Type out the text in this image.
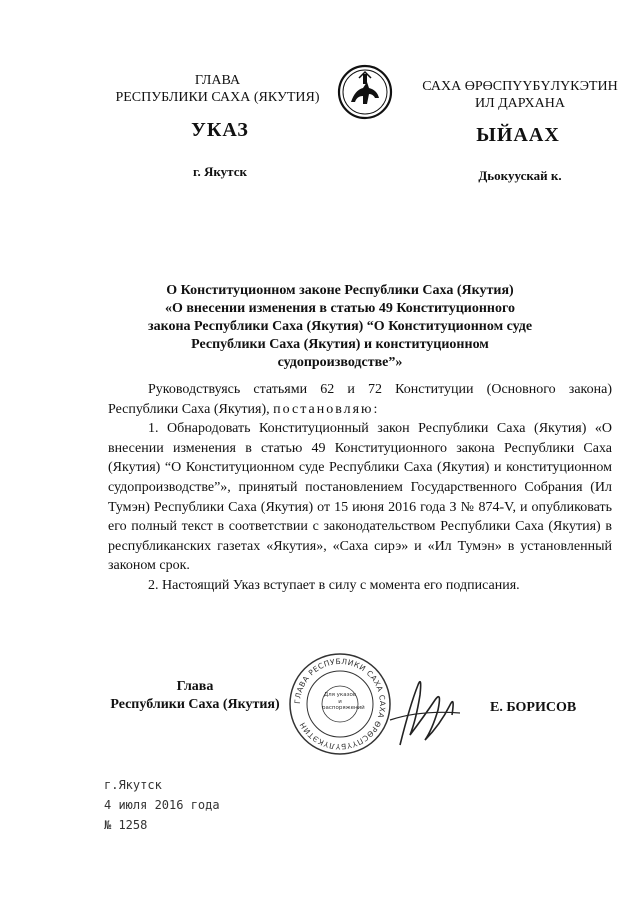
ГЛАВА
РЕСПУБЛИКИ САХА (ЯКУТИЯ)
САХА ӨРӨСПҮҮБҮЛҮКЭТИН
ИЛ ДАРХАНА
УКАЗ	ЫЙААХ
г. Якутск	Дьокуускай к.
О Конституционном законе Республики Саха (Якутия)
«О внесении изменения в статью 49 Конституционного
закона Республики Саха (Якутия) “О Конституционном суде
Республики Саха (Якутия) и конституционном
судопроизводстве”»

Руководствуясь статьями 62 и 72 Конституции (Основного закона) Республики Саха (Якутия), постановляю:

1. Обнародовать Конституционный закон Республики Саха (Якутия) «О внесении изменения в статью 49 Конституционного закона Республики Саха (Якутия) “О Конституционном суде Республики Саха (Якутия) и конституционном судопроизводстве”», принятый постановлением Государственного Собрания (Ил Тумэн) Республики Саха (Якутия) от 15 июня 2016 года З № 874-V, и опубликовать его полный текст в соответствии с законодательством Республики Саха (Якутия) в республиканских газетах «Якутия», «Саха сирэ» и «Ил Тумэн» в установленный законом срок.

2. Настоящий Указ вступает в силу с момента его подписания.

Глава
Республики Саха (Якутия)	ГЛАВА РЕСПУБЛИКИ САХА САХА ӨРӨСПҮҮБҮЛҮКЭТИН
Для указов и распоряжений	Е. БОРИСОВ
г.Якутск
4 июля 2016 года
№ 1258
